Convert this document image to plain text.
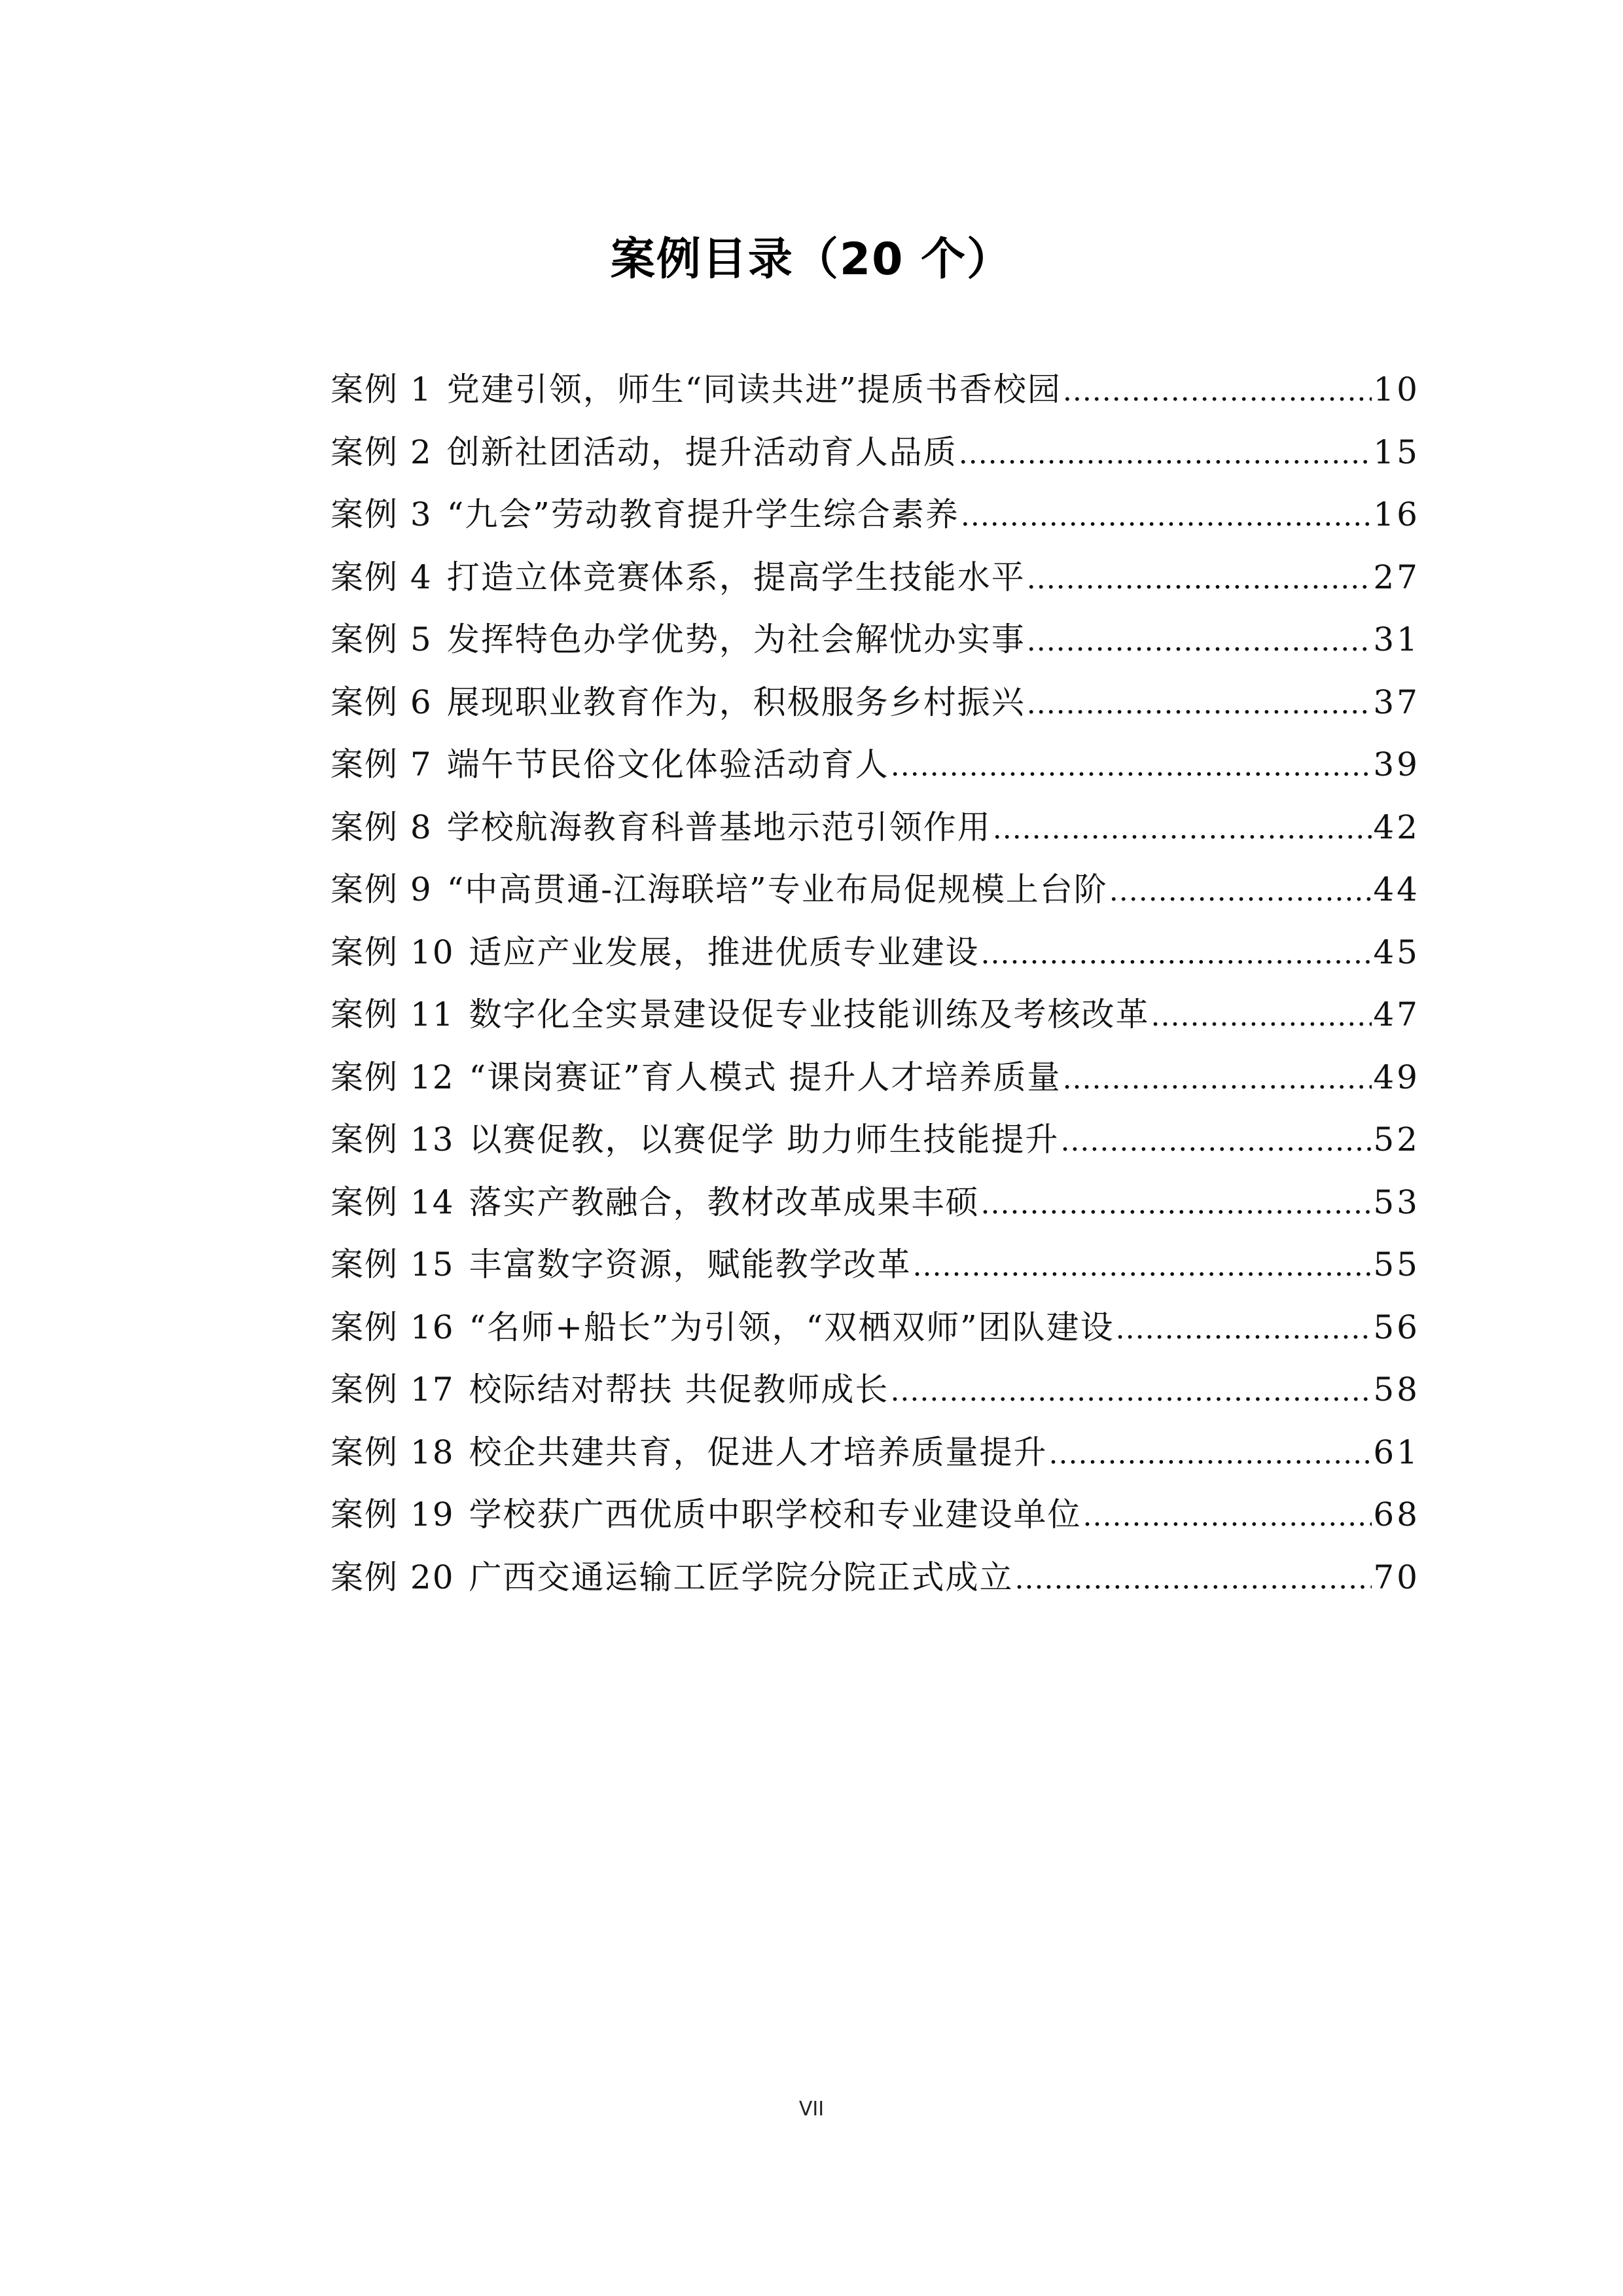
案例目录（20 个）
案例 1 党建引领，师生“同读共进”提质书香校园 .....	10
案例 2 创新社团活动，提升活动育人品质 .....	15
案例 3 “九会”劳动教育提升学生综合素养 .....	16
案例 4 打造立体竞赛体系，提高学生技能水平 .....	27
案例 5 发挥特色办学优势，为社会解忧办实事 .....	31
案例 6 展现职业教育作为，积极服务乡村振兴 .....	37
案例 7 端午节民俗文化体验活动育人 .....	39
案例 8 学校航海教育科普基地示范引领作用 .....	42
案例 9 “中高贯通-江海联培”专业布局促规模上台阶 .....	44
案例 10 适应产业发展，推进优质专业建设 .....	45
案例 11 数字化全实景建设促专业技能训练及考核改革 .....	47
案例 12 “课岗赛证”育人模式 提升人才培养质量 .....	49
案例 13 以赛促教，以赛促学 助力师生技能提升 .....	52
案例 14 落实产教融合，教材改革成果丰硕 .....	53
案例 15 丰富数字资源，赋能教学改革 .....	55
案例 16 “名师+船长”为引领，“双栖双师”团队建设 .....	56
案例 17 校际结对帮扶 共促教师成长 .....	58
案例 18 校企共建共育，促进人才培养质量提升 .....	61
案例 19 学校获广西优质中职学校和专业建设单位 .....	68
案例 20 广西交通运输工匠学院分院正式成立 .....	70
VII
